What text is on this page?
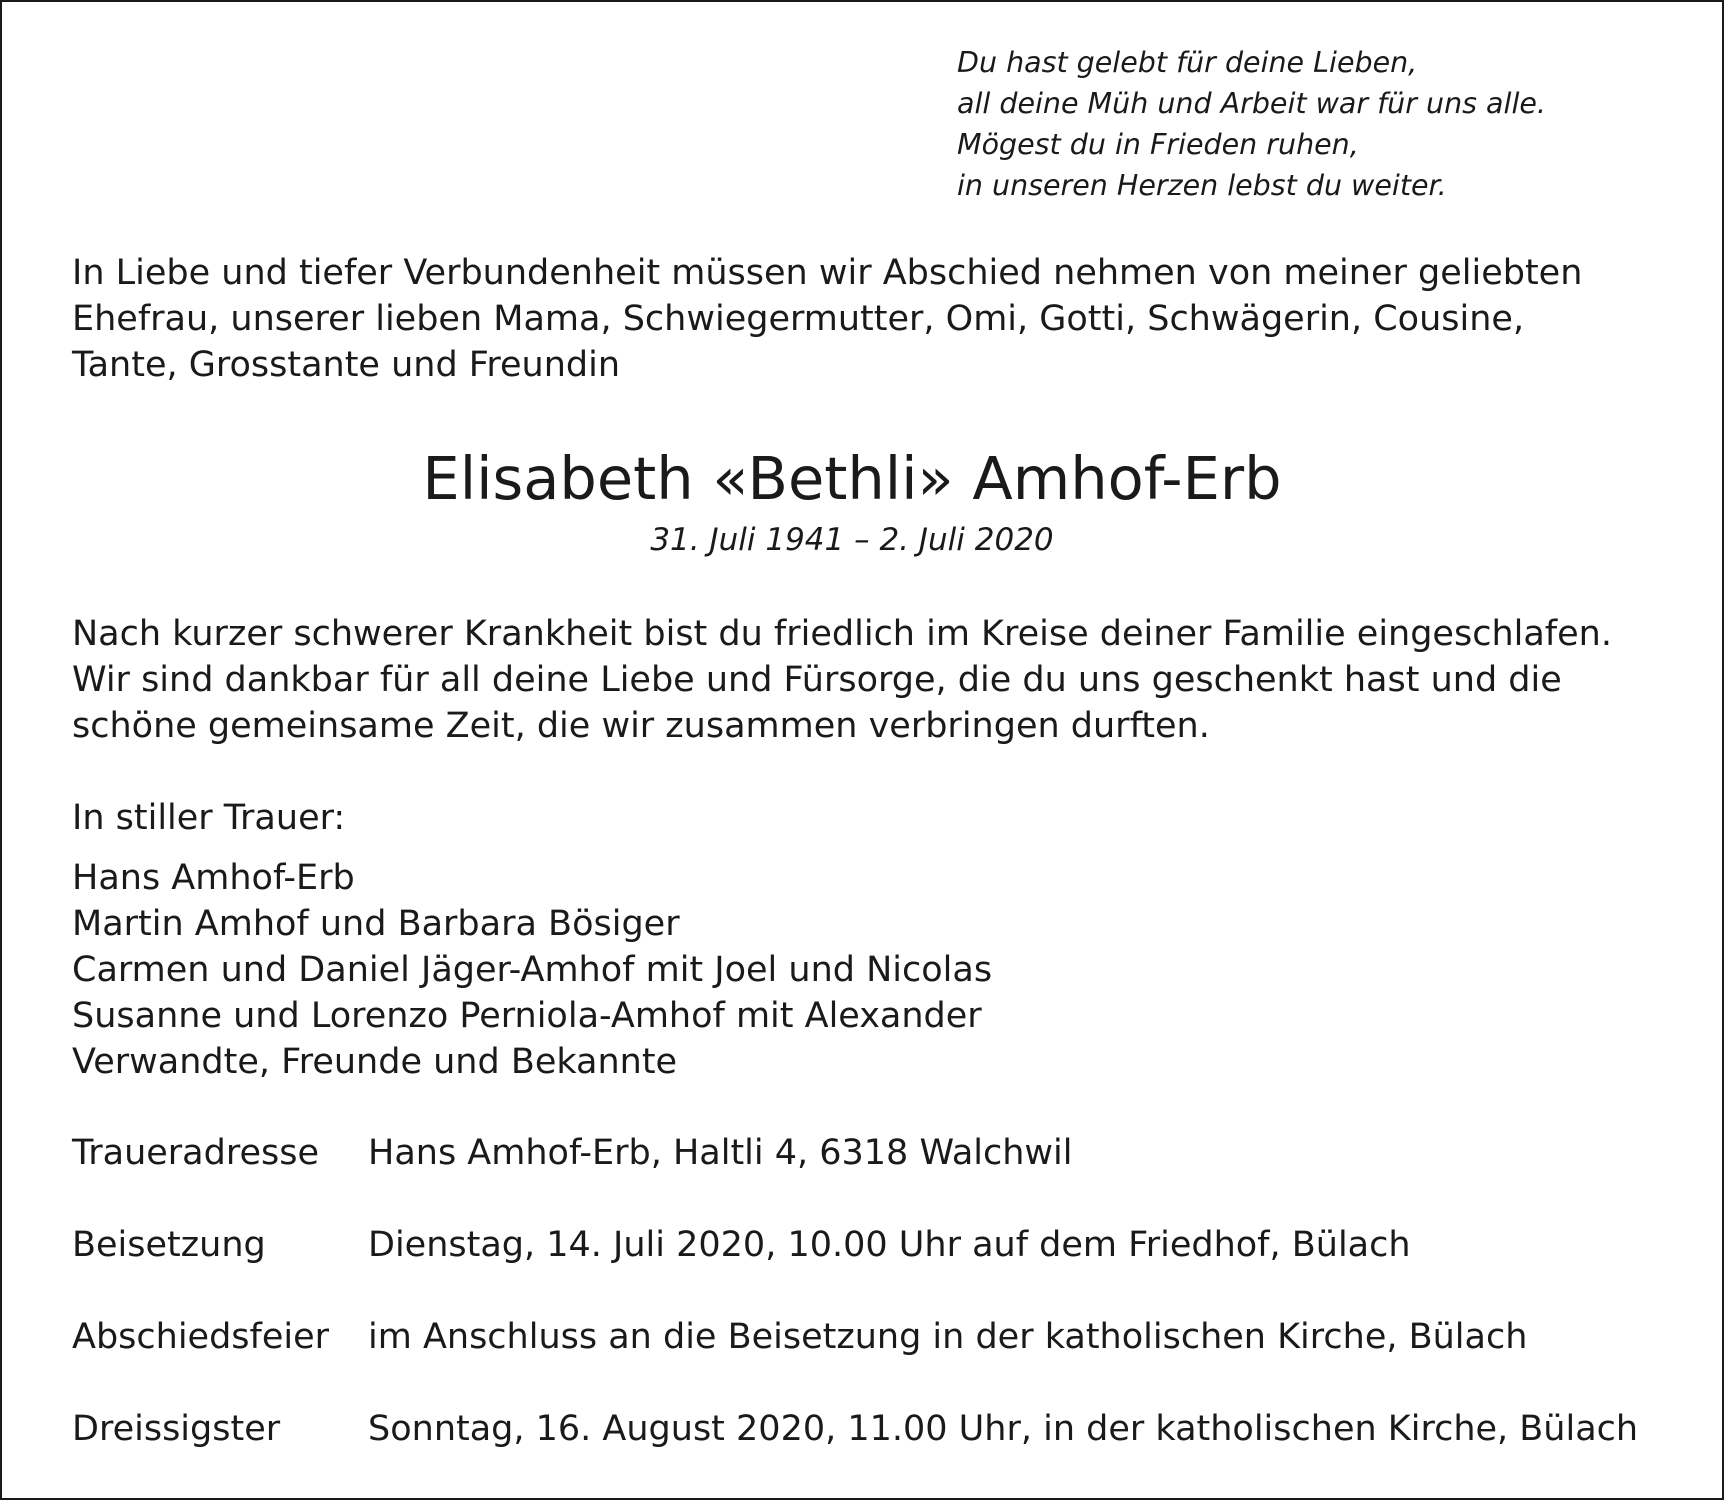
Du hast gelebt für deine Lieben,
all deine Müh und Arbeit war für uns alle.
Mögest du in Frieden ruhen,
in unseren Herzen lebst du weiter.
In Liebe und tiefer Verbundenheit müssen wir Abschied nehmen von meiner geliebten
Ehefrau, unserer lieben Mama, Schwiegermutter, Omi, Gotti, Schwägerin, Cousine,
Tante, Grosstante und Freundin
Elisabeth «Bethli» Amhof-Erb
31. Juli 1941 – 2. Juli 2020
Nach kurzer schwerer Krankheit bist du friedlich im Kreise deiner Familie eingeschlafen.
Wir sind dankbar für all deine Liebe und Fürsorge, die du uns geschenkt hast und die
schöne gemeinsame Zeit, die wir zusammen verbringen durften.
In stiller Trauer:
Hans Amhof-Erb
Martin Amhof und Barbara Bösiger
Carmen und Daniel Jäger-Amhof mit Joel und Nicolas
Susanne und Lorenzo Perniola-Amhof mit Alexander
Verwandte, Freunde und Bekannte
Traueradresse	Hans Amhof-Erb, Haltli 4, 6318 Walchwil
Beisetzung	Dienstag, 14. Juli 2020, 10.00 Uhr auf dem Friedhof, Bülach
Abschiedsfeier	im Anschluss an die Beisetzung in der katholischen Kirche, Bülach
Dreissigster	Sonntag, 16. August 2020, 11.00 Uhr, in der katholischen Kirche, Bülach
